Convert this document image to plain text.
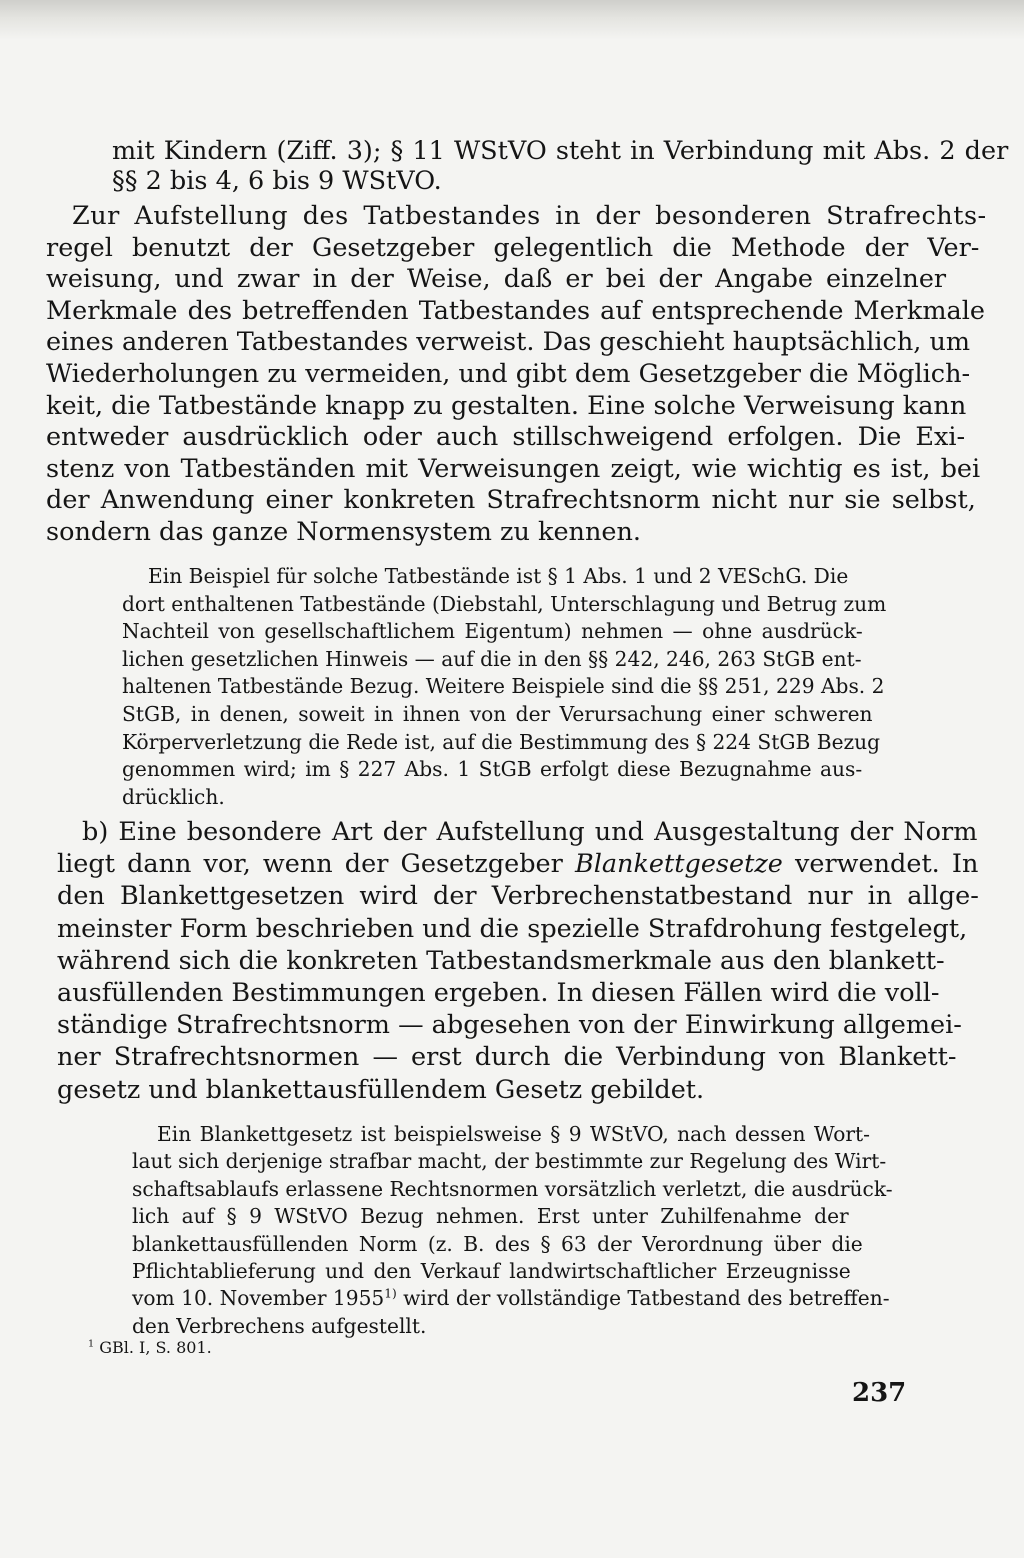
mit Kindern (Ziff. 3); § 11 WStVO steht in Verbindung mit Abs. 2 der
§§ 2 bis 4, 6 bis 9 WStVO.
Zur Aufstellung des Tatbestandes in der besonderen Strafrechts-
regel benutzt der Gesetzgeber gelegentlich die Methode der Ver-
weisung, und zwar in der Weise, daß er bei der Angabe einzelner
Merkmale des betreffenden Tatbestandes auf entsprechende Merkmale
eines anderen Tatbestandes verweist. Das geschieht hauptsächlich, um
Wiederholungen zu vermeiden, und gibt dem Gesetzgeber die Möglich-
keit, die Tatbestände knapp zu gestalten. Eine solche Verweisung kann
entweder ausdrücklich oder auch stillschweigend erfolgen. Die Exi-
stenz von Tatbeständen mit Verweisungen zeigt, wie wichtig es ist, bei
der Anwendung einer konkreten Strafrechtsnorm nicht nur sie selbst,
sondern das ganze Normensystem zu kennen.
Ein Beispiel für solche Tatbestände ist § 1 Abs. 1 und 2 VESchG. Die
dort enthaltenen Tatbestände (Diebstahl, Unterschlagung und Betrug zum
Nachteil von gesellschaftlichem Eigentum) nehmen — ohne ausdrück-
lichen gesetzlichen Hinweis — auf die in den §§ 242, 246, 263 StGB ent-
haltenen Tatbestände Bezug. Weitere Beispiele sind die §§ 251, 229 Abs. 2
StGB, in denen, soweit in ihnen von der Verursachung einer schweren
Körperverletzung die Rede ist, auf die Bestimmung des § 224 StGB Bezug
genommen wird; im § 227 Abs. 1 StGB erfolgt diese Bezugnahme aus-
drücklich.
b) Eine besondere Art der Aufstellung und Ausgestaltung der Norm
liegt dann vor, wenn der Gesetzgeber Blankettgesetze verwendet. In
den Blankettgesetzen wird der Verbrechenstatbestand nur in allge-
meinster Form beschrieben und die spezielle Strafdrohung festgelegt,
während sich die konkreten Tatbestandsmerkmale aus den blankett-
ausfüllenden Bestimmungen ergeben. In diesen Fällen wird die voll-
ständige Strafrechtsnorm — abgesehen von der Einwirkung allgemei-
ner Strafrechtsnormen — erst durch die Verbindung von Blankett-
gesetz und blankettausfüllendem Gesetz gebildet.
Ein Blankettgesetz ist beispielsweise § 9 WStVO, nach dessen Wort-
laut sich derjenige strafbar macht, der bestimmte zur Regelung des Wirt-
schaftsablaufs erlassene Rechtsnormen vorsätzlich verletzt, die ausdrück-
lich auf § 9 WStVO Bezug nehmen. Erst unter Zuhilfenahme der
blankettausfüllenden Norm (z. B. des § 63 der Verordnung über die
Pflichtablieferung und den Verkauf landwirtschaftlicher Erzeugnisse
vom 10. November 1955$^{1)}$ wird der vollständige Tatbestand des betreffen-
den Verbrechens aufgestellt.
$^1$ GBl. I, S. 801.
237
